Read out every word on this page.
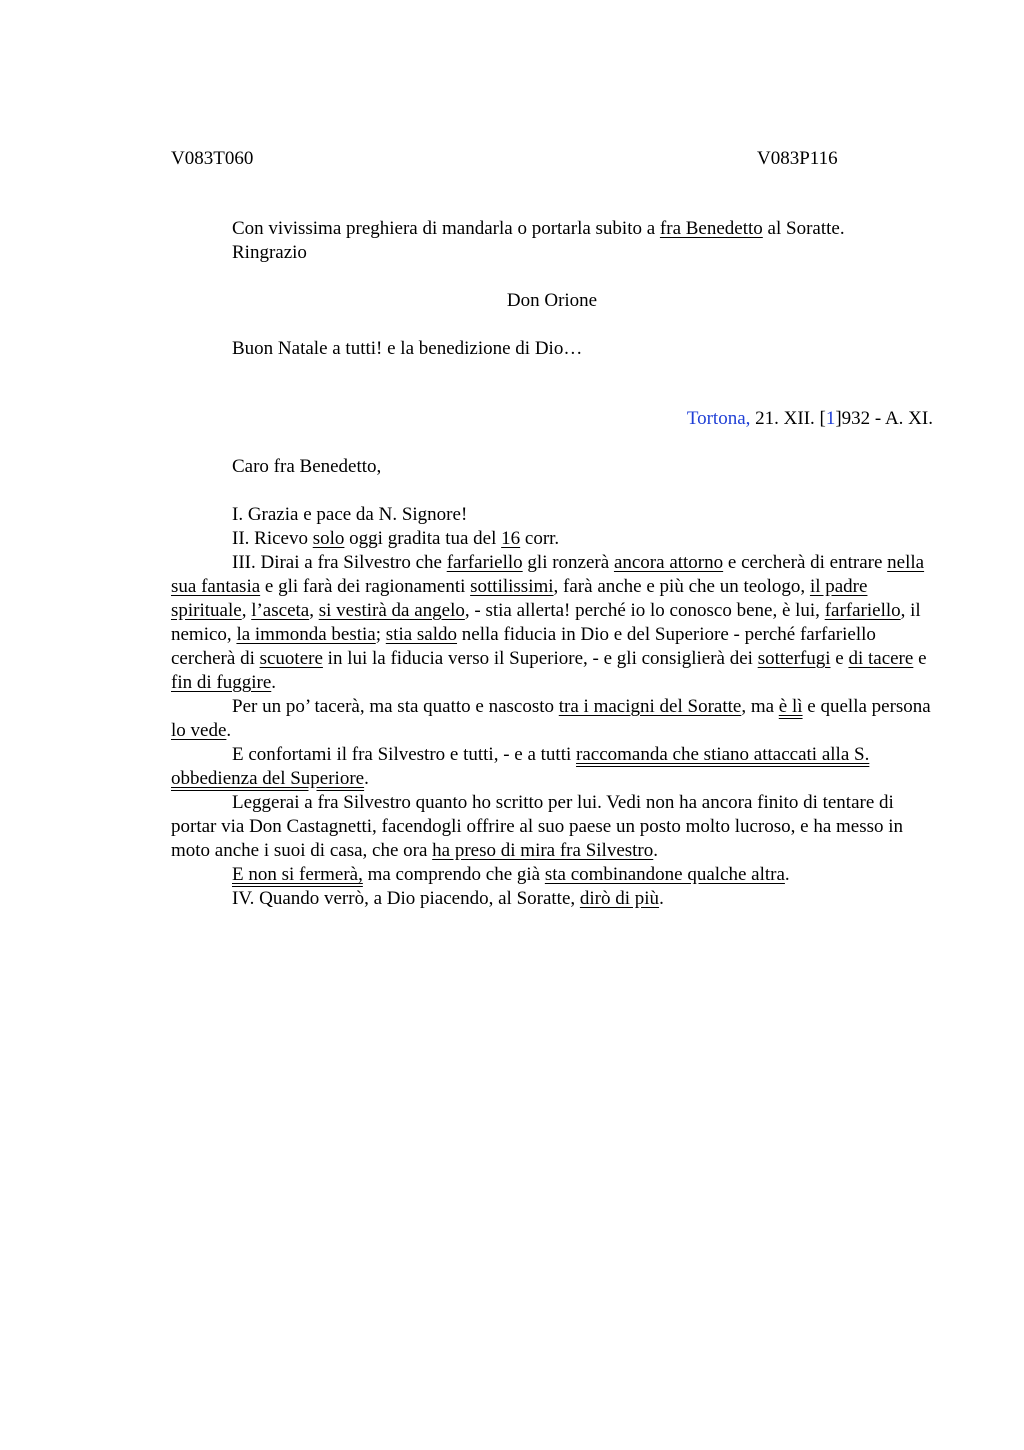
V083T060	V083P116

Con vivissima preghiera di mandarla o portarla subito a fra Benedetto al Soratte.

Ringrazio

Don Orione

Buon Natale a tutti! e la benedizione di Dio…

Tortona, 21. XII. [1]932 - A. XI.

Caro fra Benedetto,

I. Grazia e pace da N. Signore!

II. Ricevo solo oggi gradita tua del 16 corr.

III. Dirai a fra Silvestro che farfariello gli ronzerà ancora attorno e cercherà di entrare nella sua fantasia e gli farà dei ragionamenti sottilissimi, farà anche e più che un teologo, il padre spirituale, l’asceta, si vestirà da angelo, - stia allerta! perché io lo conosco bene, è lui, farfariello, il nemico, la immonda bestia; stia saldo nella fiducia in Dio e del Superiore - perché farfariello cercherà di scuotere in lui la fiducia verso il Superiore, - e gli consiglierà dei sotterfugi e di tacere e fin di fuggire.

Per un po’ tacerà, ma sta quatto e nascosto tra i macigni del Soratte, ma è lì e quella persona lo vede.

E confortami il fra Silvestro e tutti, - e a tutti raccomanda che stiano attaccati alla S. obbedienza del Superiore.

Leggerai a fra Silvestro quanto ho scritto per lui. Vedi non ha ancora finito di tentare di portar via Don Castagnetti, facendogli offrire al suo paese un posto molto lucroso, e ha messo in moto anche i suoi di casa, che ora ha preso di mira fra Silvestro.

E non si fermerà, ma comprendo che già sta combinandone qualche altra.

IV. Quando verrò, a Dio piacendo, al Soratte, dirò di più.
